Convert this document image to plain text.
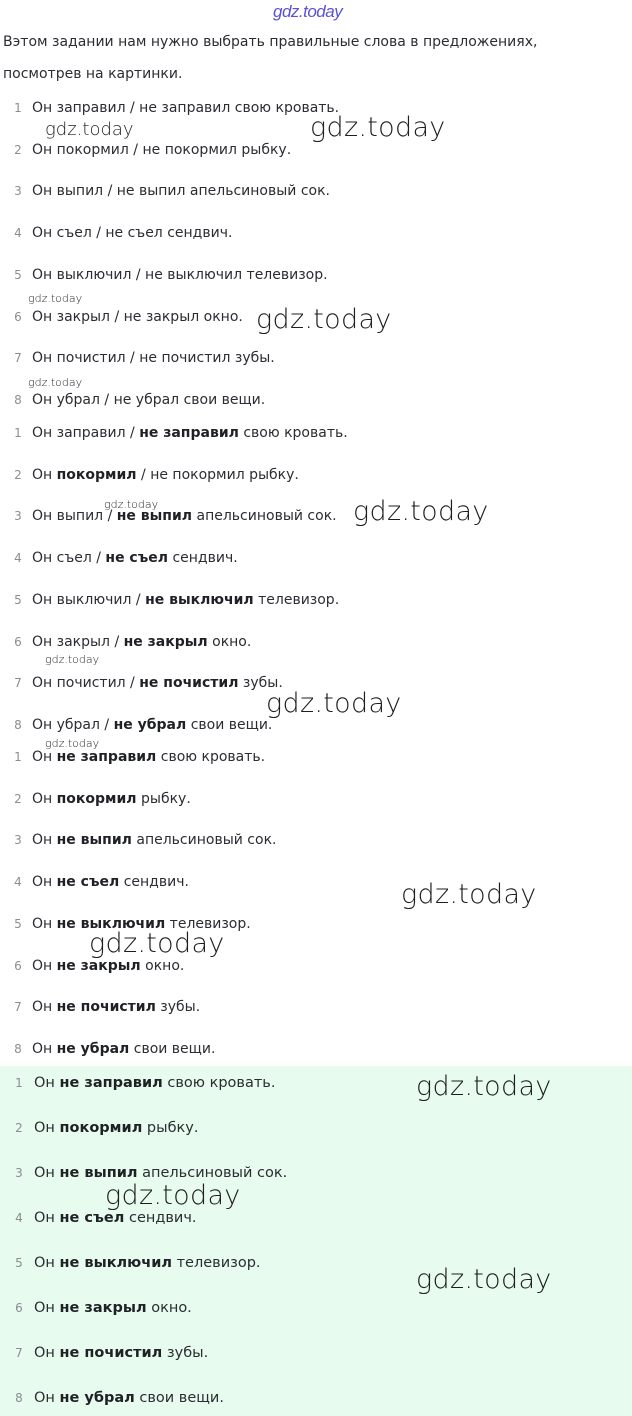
gdz.today
Вэтом задании нам нужно выбрать правильные слова в предложениях,
посмотрев на картинки.
1 Он заправил / не заправил свою кровать.
2 Он покормил / не покормил рыбку.
3 Он выпил / не выпил апельсиновый сок.
4 Он съел / не съел сендвич.
5 Он выключил / не выключил телевизор.
6 Он закрыл / не закрыл окно.
7 Он почистил / не почистил зубы.
8 Он убрал / не убрал свои вещи.
1 Он заправил / не заправил свою кровать.
2 Он покормил / не покормил рыбку.
3 Он выпил / не выпил апельсиновый сок.
4 Он съел / не съел сендвич.
5 Он выключил / не выключил телевизор.
6 Он закрыл / не закрыл окно.
7 Он почистил / не почистил зубы.
8 Он убрал / не убрал свои вещи.
1 Он не заправил свою кровать.
2 Он покормил рыбку.
3 Он не выпил апельсиновый сок.
4 Он не съел сендвич.
5 Он не выключил телевизор.
6 Он не закрыл окно.
7 Он не почистил зубы.
8 Он не убрал свои вещи.
1 Он не заправил свою кровать.
2 Он покормил рыбку.
3 Он не выпил апельсиновый сок.
4 Он не съел сендвич.
5 Он не выключил телевизор.
6 Он не закрыл окно.
7 Он не почистил зубы.
8 Он не убрал свои вещи.
gdz.today	gdz.today
gdz.today
gdz.today
gdz.today
gdz.today	gdz.today
gdz.today
gdz.today
gdz.today
gdz.today
gdz.today
gdz.today
gdz.today
gdz.today
